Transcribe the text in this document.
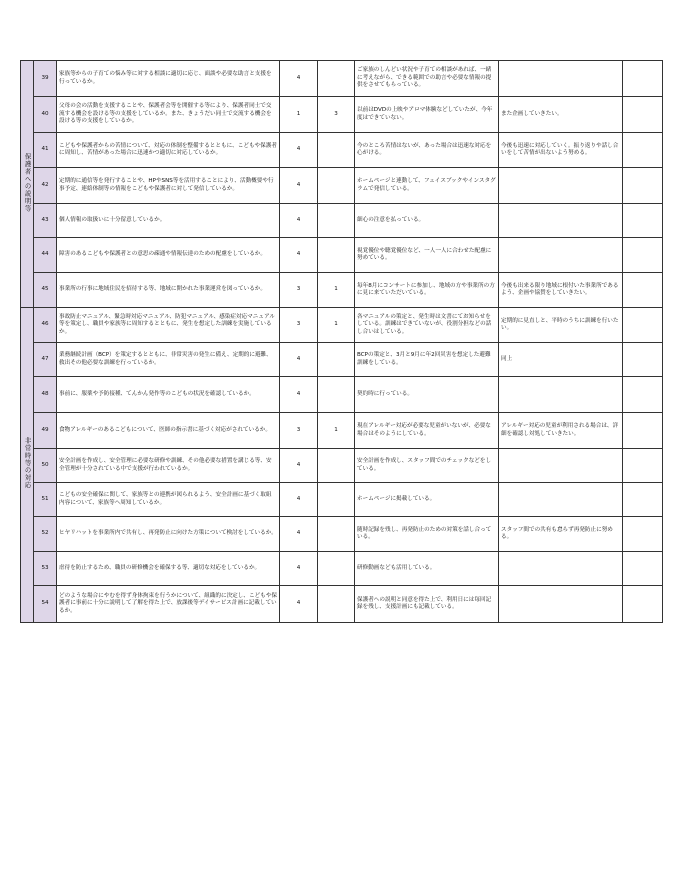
保護者への説明等	39	家族等からの子育ての悩み等に対する相談に適切に応じ、面談や必要な助言と支援を行っているか。	4		ご家族のしんどい状況や子育ての相談があれば、一緒に考えながら、できる範囲での助言や必要な情報の提供をさせてもらっている。		
	40	父母の会の活動を支援することや、保護者会等を開催する等により、保護者同士で交流する機会を設ける等の支援をしているか。また、きょうだい同士で交流する機会を設ける等の支援をしているか。	1	3	以前はDVDの上映やアロマ体験などしていたが、今年度はできていない。	また企画していきたい。	
	41	こどもや保護者からの苦情について、対応の体制を整備するとともに、こどもや保護者に周知し、苦情があった場合に迅速かつ適切に対応しているか。	4		今のところ苦情はないが、あった場合は迅速な対応を心がける。	今後も迅速に対応していく。振り返りや話し合いをして苦情が出ないよう努める。	
	42	定期的に通信等を発行することや、HPやSNS等を活用することにより、活動概要や行事予定、連絡体制等の情報をこどもや保護者に対して発信しているか。	4		ホームページと連動して、フェイスブックやインスタグラムで発信している。		
	43	個人情報の取扱いに十分留意しているか。	4		細心の注意を払っている。		
	44	障害のあるこどもや保護者との意思の疎通や情報伝達のための配慮をしているか。	4		視覚優位や聴覚優位など、一人一人に合わせた配慮に努めている。		
	45	事業所の行事に地域住民を招待する等、地域に開かれた事業運営を図っているか。	3	1	毎年8月にコンサートに参加し、地域の方や事業所の方に見に来ていただいている。	今後も出来る限り地域に根付いた事業所であるよう、企画や協賛をしていきたい。	
非常時等の対応	46	事故防止マニュアル、緊急時対応マニュアル、防犯マニュアル、感染症対応マニュアル等を策定し、職員や家族等に周知するとともに、発生を想定した訓練を実施しているか。	3	1	各マニュアルの策定と、発生時は文書にてお知らせをしている。訓練はできていないが、役割分担などの話し合いはしている。	定期的に見直しと、平時のうちに訓練を行いたい。	
	47	業務継続計画（BCP）を策定するとともに、非常災害の発生に備え、定期的に避難、救出その他必要な訓練を行っているか。	4		BCPの策定と、3月と9月に年2回災害を想定した避難訓練をしている。	同上	
	48	事前に、服薬や予防接種、てんかん発作等のこどもの状況を確認しているか。	4		契約時に行っている。		
	49	食物アレルギーのあるこどもについて、医師の指示書に基づく対応がされているか。	3	1	現在アレルギー対応が必要な児童がいないが、必要な場合はそのようにしている。	アレルギー対応の児童が利用される場合は、詳細を確認し対処していきたい。	
	50	安全計画を作成し、安全管理に必要な研修や訓練、その他必要な措置を講じる等、安全管理が十分されている中で支援が行われているか。	4		安全計画を作成し、スタッフ間でのチェックなどをしている。		
	51	こどもの安全確保に関して、家族等との連携が図られるよう、安全計画に基づく取組内容について、家族等へ周知しているか。	4		ホームページに掲載している。		
	52	ヒヤリハットを事業所内で共有し、再発防止に向けた方策について検討をしているか。	4		随時記録を残し、再発防止のための対策を話し合っている。	スタッフ間での共有も怠らず再発防止に努める。	
	53	虐待を防止するため、職員の研修機会を確保する等、適切な対応をしているか。	4		研修動画なども活用している。		
	54	どのような場合にやむを得ず身体拘束を行うかについて、組織的に決定し、こどもや保護者に事前に十分に説明して了解を得た上で、放課後等デイサービス計画に記載しているか。	4		保護者への説明と同意を得た上で、利用日には毎回記録を残し、支援計画にも記載している。		
